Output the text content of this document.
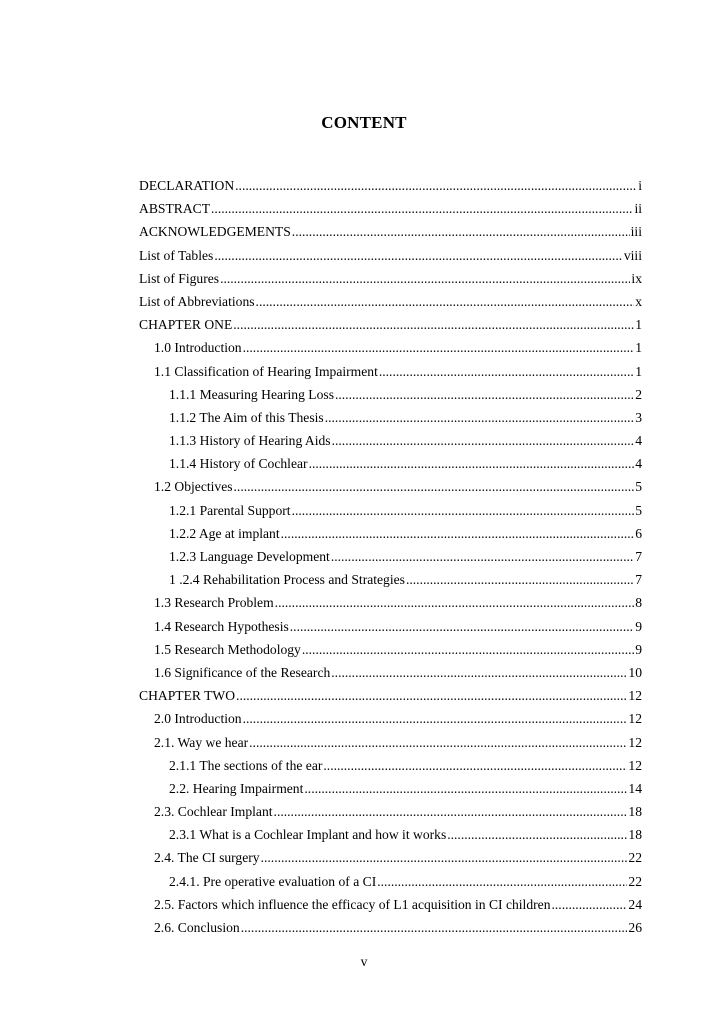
CONTENT
DECLARATION .....	i
ABSTRACT .....	ii
ACKNOWLEDGEMENTS .....	iii
List of Tables .....	viii
List of Figures .....	ix
List of Abbreviations .....	x
CHAPTER ONE .....	1
1.0 Introduction .....	1
1.1 Classification of Hearing Impairment .....	1
1.1.1 Measuring Hearing Loss .....	2
1.1.2 The Aim of this Thesis .....	3
1.1.3 History of Hearing Aids .....	4
1.1.4 History of Cochlear .....	4
1.2 Objectives .....	5
1.2.1 Parental Support .....	5
1.2.2 Age at implant .....	6
1.2.3 Language Development .....	7
1 .2.4 Rehabilitation Process and Strategies .....	7
1.3 Research Problem .....	8
1.4 Research Hypothesis .....	9
1.5 Research Methodology .....	9
1.6 Significance of the Research .....	10
CHAPTER TWO .....	12
2.0 Introduction .....	12
2.1. Way we hear .....	12
2.1.1 The sections of the ear .....	12
2.2. Hearing Impairment .....	14
2.3. Cochlear Implant .....	18
2.3.1 What is a Cochlear Implant and how it works .....	18
2.4. The CI surgery .....	22
2.4.1. Pre operative evaluation of a CI .....	22
2.5. Factors which influence the efficacy of L1 acquisition in CI children .....	24
2.6. Conclusion .....	26
v
